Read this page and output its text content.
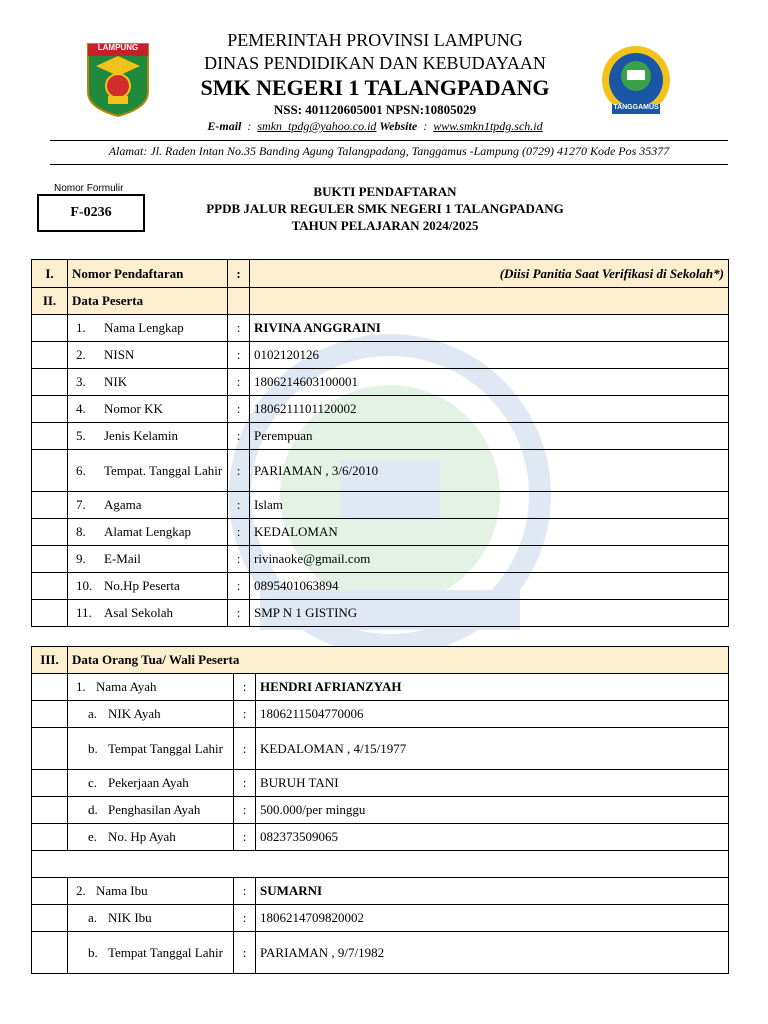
LAMPUNG
TANGGAMUS
PEMERINTAH PROVINSI LAMPUNG
DINAS PENDIDIKAN DAN KEBUDAYAAN
SMK NEGERI 1 TALANGPADANG
NSS: 401120605001 NPSN:10805029
E-mail  :  smkn_tpdg@yahoo.co.id Website  :  www.smkn1tpdg.sch.id
Alamat: Jl. Raden Intan No.35 Banding Agung Talangpadang, Tanggamus -Lampung (0729) 41270 Kode Pos 35377
Nomor Formulir
F-0236
BUKTI PENDAFTARAN
PPDB JALUR REGULER SMK NEGERI 1 TALANGPADANG
TAHUN PELAJARAN 2024/2025
I.	Nomor Pendaftaran	:	(Diisi Panitia Saat Verifikasi di Sekolah*)
II.	Data Peserta		

	1. Nama Lengkap	:	RIVINA ANGGRAINI

	2. NISN	:	0102120126

	3. NIK	:	1806214603100001

	4. Nomor KK	:	1806211101120002

	5. Jenis Kelamin	:	Perempuan

	6. Tempat. Tanggal Lahir	:	PARIAMAN , 3/6/2010

	7. Agama	:	Islam

	8. Alamat Lengkap	:	KEDALOMAN

	9. E-Mail	:	rivinaoke@gmail.com

	10. No.Hp Peserta	:	0895401063894

	11. Asal Sekolah	:	SMP N 1 GISTING
III.	Data Orang Tua/ Wali Peserta		

	1. Nama Ayah	:	HENDRI AFRIANZYAH

	a. NIK Ayah	:	1806211504770006

	b. Tempat Tanggal Lahir	:	KEDALOMAN , 4/15/1977

	c. Pekerjaan Ayah	:	BURUH TANI

	d. Penghasilan Ayah	:	500.000/per minggu

	e. No. Hp Ayah	:	082373509065

	2. Nama Ibu	:	SUMARNI

	a. NIK Ibu	:	1806214709820002

	b. Tempat Tanggal Lahir	:	PARIAMAN , 9/7/1982
